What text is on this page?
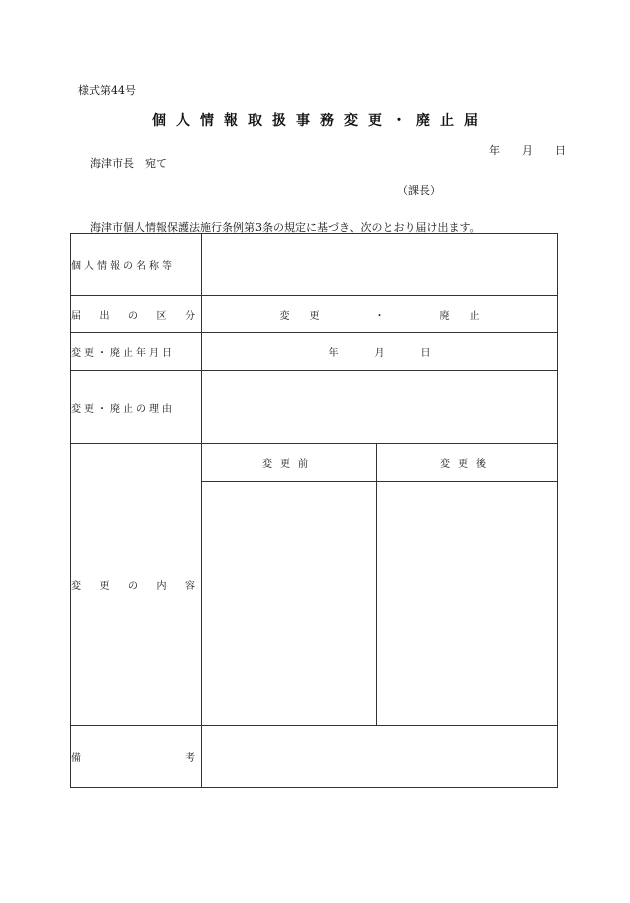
様式第44号
個人情報取扱事務変更・廃止届
年 月 日
海津市長　宛て
（課長）
海津市個人情報保護法施行条例第3条の規定に基づき、次のとおり届け出ます。
個人情報の名称等		
届出の区分	変　　更 ・ 廃　　止	
変更・廃止年月日	年 月 日	
変更・廃止の理由		
変更の内容	変更前	変更後

備考		
